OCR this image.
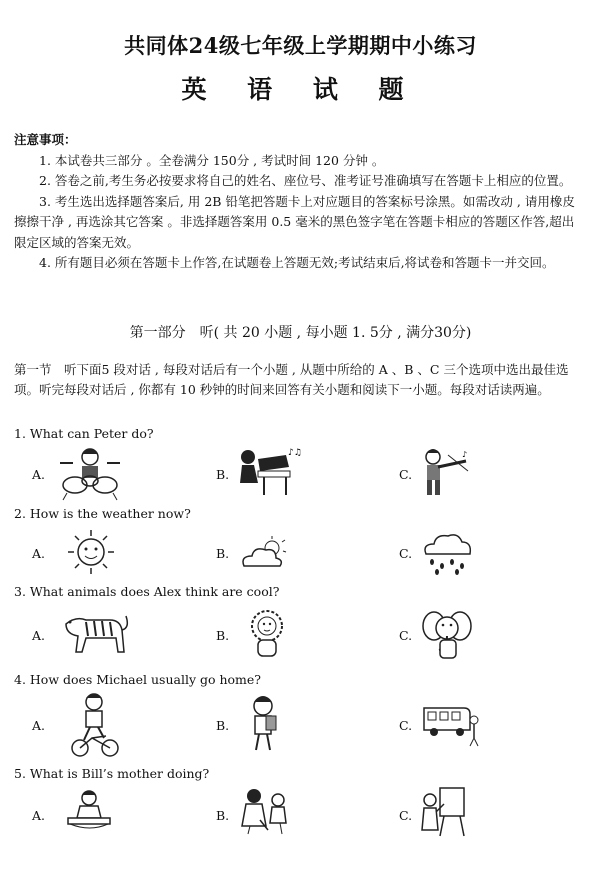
共同体24级七年级上学期期中小练习
英 语 试 题
注意事项：

1. 本试卷共三部分 。全卷满分 150分 , 考试时间 120 分钟 。

2. 答卷之前,考生务必按要求将自己的姓名、座位号、准考证号准确填写在答题卡上相应的位置。

3. 考生选出选择题答案后, 用 2B 铅笔把答题卡上对应题目的答案标号涂黑。如需改动 , 请用橡皮擦擦干净 , 再选涂其它答案 。非选择题答案用 0.5 毫米的黑色签字笔在答题卡相应的答题区作答,超出限定区域的答案无效。

4. 所有题目必须在答题卡上作答,在试题卷上答题无效;考试结束后,将试卷和答题卡一并交回。

第一部分　听( 共 20 小题 , 每小题 1. 5分 , 满分30分)

第一节　听下面5 段对话 , 每段对话后有一个小题 , 从题中所给的 A 、B 、C 三个选项中选出最佳选项。听完每段对话后 , 你都有 10 秒钟的时间来回答有关小题和阅读下一小题。每段对话读两遍。

1. What can Peter do?
A.	B.	C.
♪♫	♪
2. How is the weather now?
A.	B.	C.
3. What animals does Alex think are cool?
A.	B.	C.
4. How does Michael usually go home?
A.	B.	C.
5. What is Bill’s mother doing?
A.	B.	C.
